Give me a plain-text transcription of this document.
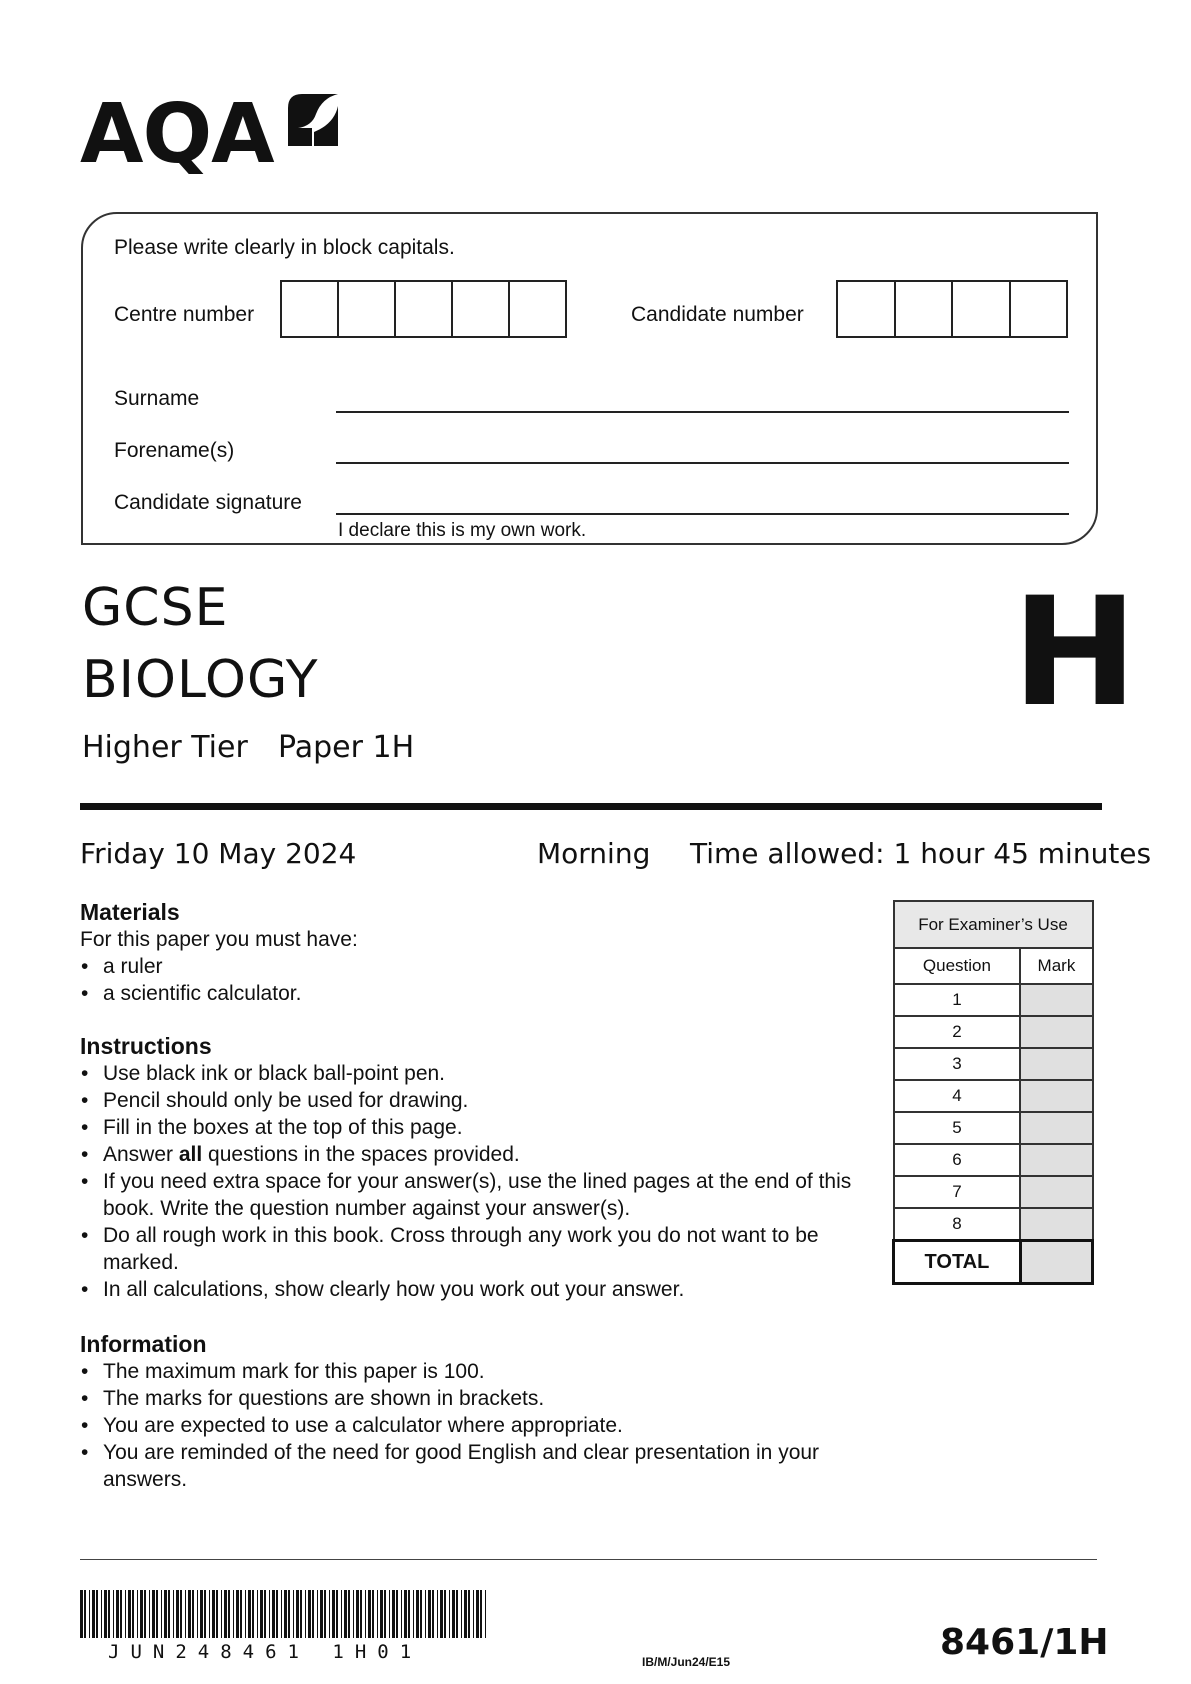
AQA
Please write clearly in block capitals.
Centre number	Candidate number
Surname
Forename(s)
Candidate signature
I declare this is my own work.
GCSE
BIOLOGY	H
Higher Tier Paper 1H
Friday 10 May 2024	Morning Time allowed: 1 hour 45 minutes
Materials
For this paper you must have:
• a ruler
• a scientific calculator.
Instructions
• Use black ink or black ball-point pen.
• Pencil should only be used for drawing.
• Fill in the boxes at the top of this page.
• Answer all questions in the spaces provided.
• If you need extra space for your answer(s), use the lined pages at the end of this book. Write the question number against your answer(s).
• Do all rough work in this book. Cross through any work you do not want to be marked.
• In all calculations, show clearly how you work out your answer.
Information
• The maximum mark for this paper is 100.
• The marks for questions are shown in brackets.
• You are expected to use a calculator where appropriate.
• You are reminded of the need for good English and clear presentation in your answers.
For Examiner’s Use	
Question	Mark
1	
2	
3	
4	
5	
6	
7	
8	
TOTAL	
JUN248461 1H01	IB/M/Jun24/E15	8461/1H
